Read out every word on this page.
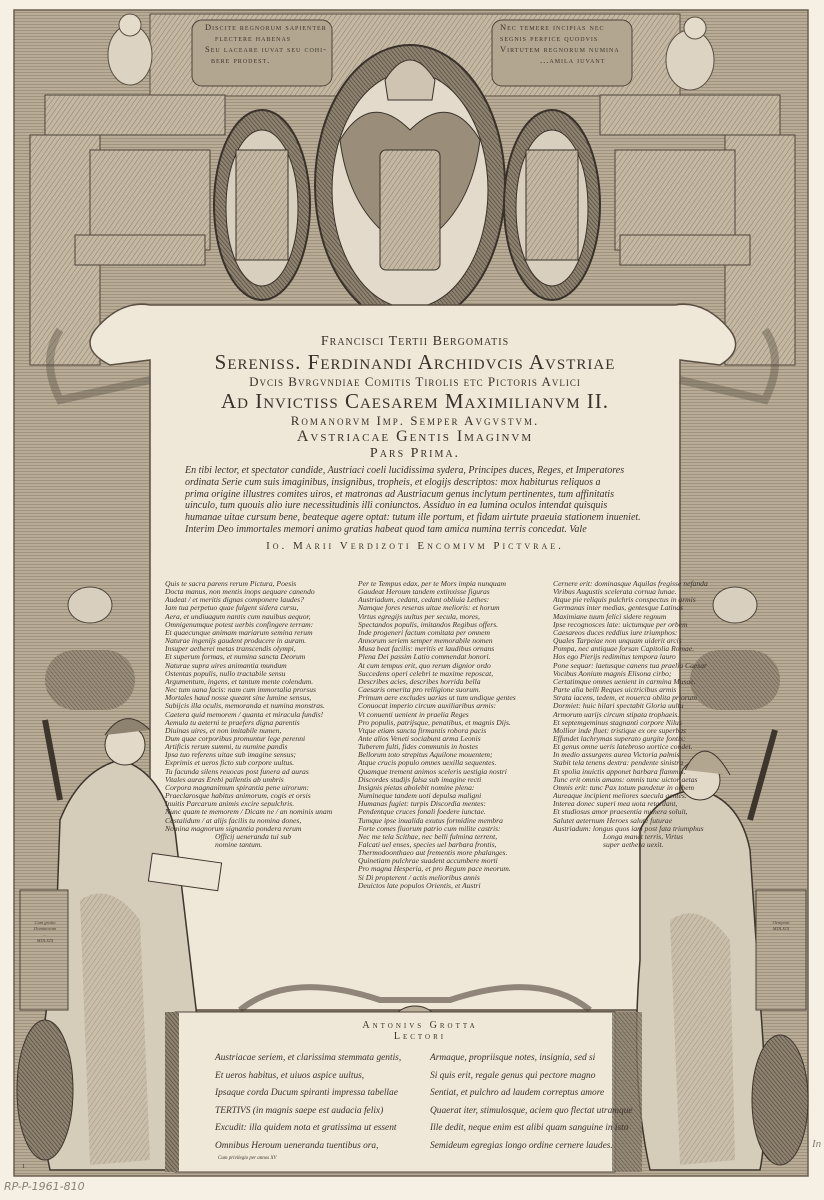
Discite regnorum sapienter
flectere habenas
Seu laceare iuvat seu cohi-
bere prodest.
Nec temere incipias nec
segnis perfice quodvis
Virtutem regnorum numina
...amila iuvant
Francisci Tertii Bergomatis
Sereniss. Ferdinandi Archidvcis Avstriae
Dvcis Bvrgvndiae Comitis Tirolis etc Pictoris Avlici
Ad Invictiss Caesarem Maximilianvm II.
Romanorvm Imp. Semper Avgvstvm.
Avstriacae Gentis Imaginvm
Pars Prima.
En tibi lector, et spectator candide, Austriaci coeli lucidissima sydera, Principes duces, Reges, et Imperatores
ordinata Serie cum suis imaginibus, insignibus, tropheis, et elogijs descriptos: mox habiturus reliquos a
prima origine illustres comites uiros, et matronas ad Austriacum genus inclytum pertinentes, tum affinitatis
uinculo, tum quouis alio iure necessitudinis illi coniunctos. Assiduo in ea lumina oculos intendat quisquis
humanae uitae cursum bene, beateque agere optat: tutum ille portum, et fidam uirtute praeuia stationem inueniet.
Interim Deo immortales memori animo gratias habeat quod tam amica numina terris concedat. Vale
Io. Marii Verdizoti Encomivm Pictvrae.
Quis te sacra parens rerum Pictura, Poesis
Docta manus, non mentis inops aequare canendo
Audeat / et meritis dignas componere laudes?
Iam tua perpetuo quae fulgent sidera cursu,
Aera, et undiuagum nantis cum nauibus aequor,
Omnigenumque potest uerbis confingere terram:
Et quaecunque animam mariarum semina rerum
Naturae ingenijs gaudent producere in auram.
Insuper aetherei metas transcendis olympi,
Et superum formas, et numina sancta Deorum
Naturae supra uires animantia mundum
Ostentas populis, nullo tractabile sensu
Argumentum, ingens, et tantum mente colendum.
Nec tum uana facis: nam cum immortalia prorsus
Mortales haud nosse queant sine lumine sensus,
Subijcis illa oculis, memoranda et numina monstras.
Caetera quid memorem / quanta et miracula fundis!
Aemula tu aeterni te praefers digna parentis
Diuinas uires, et non imitabile numen,
Dum quae corporibus promuntur lege perenni
Artificis rerum summi, tu numine pandis
Ipsa tuo referens uitae sub imagine sensus;
Exprimis et ueros ficto sub corpore uultus.
Tu facunda silens reuocas post funera ad auras
Vitales auras Erebi pallentis ab umbris
Corpora magnanimum spirantia pene uirorum:
Praeclarosque habitus animorum, cogis et orsis
Inuitis Parcarum animis excire sepulchris.
Nunc quam te memorem / Dicam ne / an nominis unam
Castalidum / at alijs facilis tu nomina dones,
Nomina magnorum signantia pondera rerum
Officij ueneranda tui sub
nomine tantum.
Per te Tempus edax, per te Mors impia nunquam
Gaudeat Heroum tandem extinxisse figuras
Austriadum, cedant, cedant obliuia Lethes:
Namque fores reseras uitae melioris: et horum
Virtus egregijs uultus per secula, mores,
Spectandos populis, imitandos Regibus offers.
Inde progeneri factum comitata per omnem
Annorum seriem semper memorabile nomen
Musa beat facilis: meritis et laudibus ornans
Plena Dei passim Latio commendat honori.
At cum tempus erit, quo rerum dignior ordo
Succedens operi celebri te maxime reposcat,
Describes acies, describes horrida bella
Caesaris omerita pro relligione suorum.
Primum aere excludes uarias ut tum undique gentes
Conuocat imperio circum auxiliaribus armis:
Vt conuenti uenient in praelia Reges
Pro populis, patrijsque, penatibus, et magnis Dijs.
Vtque etiam sancta firmantis robora pacis
Ante alios Veneti sociabunt arma Leonis
Tuberem fulti, fides communis in hostes
Bellorum toto strepitus Aquilone mouentem;
Atque crucis populo omnes uexilla sequentes.
Quamque trement animos sceleris uestigia nostri
Discordes studijs falsa sub imagine recti
Insignis pietas abolebit nomine plena:
Numineque tandem uoti depulsa maligni
Humanas fugiet: turpis Discordia mentes:
Pendentque cruces fonali foedere iunctae.
Tumque ipse inualida exutus formidine membra
Forte comes fiuorum patrio cum milite castris:
Nec me tela Scithae, nec belli fulmina terrent,
Falcati uel enses, species uel barbara frontis,
Thermodoonthaeo aut frementis more phalanges.
Quinetiam pulchrae suadent accumbere morti
Pro magna Hesperia, et pro Regum pace meorum.
Si Di propterent / actis melioribus annis
Deuictos late populos Orientis, et Austri
Cernere erit: dominasque Aquilas fregisse nefanda
Viribus Augustis scelerata cornua lunae.
Atque pie reliquis pulchris conspectus in armis
Germanas inter medias, gentesque Latinas
Maximiane tuum felici sidere regnum
Ipse recognosces late: uictumque per orbem
Caesareos duces reddius iure triumphos:
Quales Tarpeiae non unquam uiderit arcis
Pompa, nec antiquae forsan Capitolia Romae.
Hos ego Pierijs redimitus tempora lauro
Pone sequar: laetusque canens tua praelia Caesar
Vocibus Aonium magnis Elisona cirbo;
Certatimque omnes uenient in carmina Musae.
Parte alia belli Reques uictricibus armis
Strata iacens, tedem, et nouerca oblita priorum
Dormiet: huic hilari spectabit Gloria uultu
Armorum uarijs circum stipata trophaeis.
Et septemgeminus stagnanti corpore Nilus
Mollior inde fluet: tristique ex ore superbas
Effundet lachrymas superato gurgite fontis:
Et genus omne ueris latebroso uortice condet.
In medio assurgens aurea Victoria palmis
Stabit tela tenens dextra: pendente sinistra
Et spolia inuictis apponet barbara flammis.
Tunc erit omnis amans: omnis tunc uictor aetas
Omnis erit: tunc Pax totum pandetur in orbem
Aureaque incipient meliores saecula gentes.
Interea donec superi mea uota retardant,
Et studiosus amor praesentia munera soluit,
Salutet aeternum Heroes salute futurae
Austriadum: longus quos iam post fata triumphus
Longa manet terris, Virtus
super aethera uexit.
Antonivs Grotta
Lectori
Austriacae seriem, et clarissima stemmata gentis,
Et ueros habitus, et uiuos aspice uultus,
Ipsaque corda Ducum spiranti impressa tabellae
TERTIVS (in magnis saepe est audacia felix)
Excudit: illa quidem nota et gratissima ut essent
Omnibus Heroum ueneranda tuentibus ora,
Armaque, propriisque notes, insignia, sed si
Si quis erit, regale genus qui pectore magno
Sentiat, et pulchro ad laudem correptus amore
Quaerat iter, stimulosque, aciem quo flectat utramque
Ille dedit, neque enim est alibi quam sanguine in isto
Semideum egregias longo ordine cernere laudes.
Cum privilegio per annos XV
Cum gratia
Dominorum
...
MDLXIX
Oenipont
MDLXIX
1
RP-P-1961-810
In
